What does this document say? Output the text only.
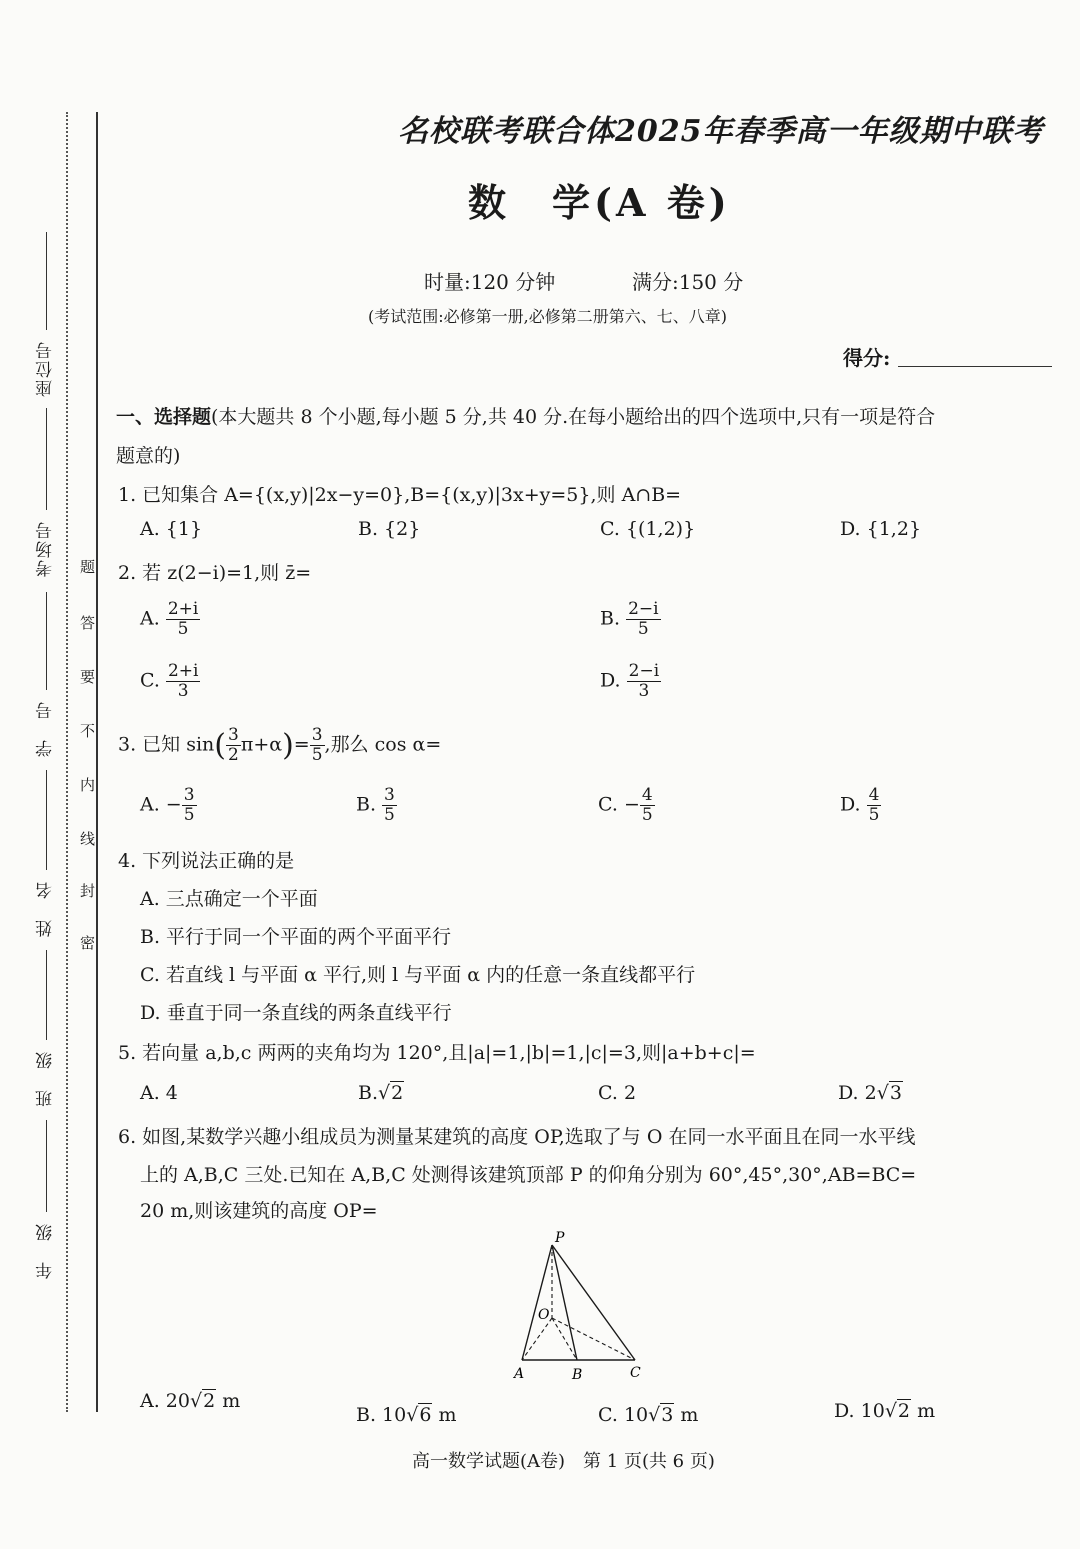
座位号
考场号
学　号
姓　名
班　级
年　级
题
答
要
不
内
线
封
密
名校联考联合体2025年春季高一年级期中联考
数　学(A 卷)
时量:120 分钟	满分:150 分
(考试范围:必修第一册,必修第二册第六、七、八章)
得分:
一、选择题(本大题共 8 个小题,每小题 5 分,共 40 分.在每小题给出的四个选项中,只有一项是符合
题意的)
1. 已知集合 A={(x,y)|2x−y=0},B={(x,y)|3x+y=5},则 A∩B=
A. {1}	B. {2}	C. {(1,2)}	D. {1,2}
2. 若 z(2−i)=1,则 z̄=
A. $\frac{2+i}{5}$	B. $\frac{2-i}{5}$
C. $\frac{2+i}{3}$	D. $\frac{2-i}{3}$
3. 已知 $\sin( \frac{3}{2} \pi+\alpha)= \frac{3}{5}$ ,那么 cos α=
A. − $\frac{3}{5}$	B. $\frac{3}{5}$	C. − $\frac{4}{5}$	D. $\frac{4}{5}$
4. 下列说法正确的是
A. 三点确定一个平面
B. 平行于同一个平面的两个平面平行
C. 若直线 l 与平面 α 平行,则 l 与平面 α 内的任意一条直线都平行
D. 垂直于同一条直线的两条直线平行
5. 若向量 a,b,c 两两的夹角均为 120°,且|a|=1,|b|=1,|c|=3,则|a+b+c|=
A. 4	B.√2	C. 2	D. 2√3
6. 如图,某数学兴趣小组成员为测量某建筑的高度 OP,选取了与 O 在同一水平面且在同一水平线
上的 A,B,C 三处.已知在 A,B,C 处测得该建筑顶部 P 的仰角分别为 60°,45°,30°,AB=BC=
20 m,则该建筑的高度 OP=
P
O
A	B	C
A. 20√2 m
B. 10√6 m	C. 10√3 m	D. 10√2 m
高一数学试题(A卷)　第 1 页(共 6 页)
